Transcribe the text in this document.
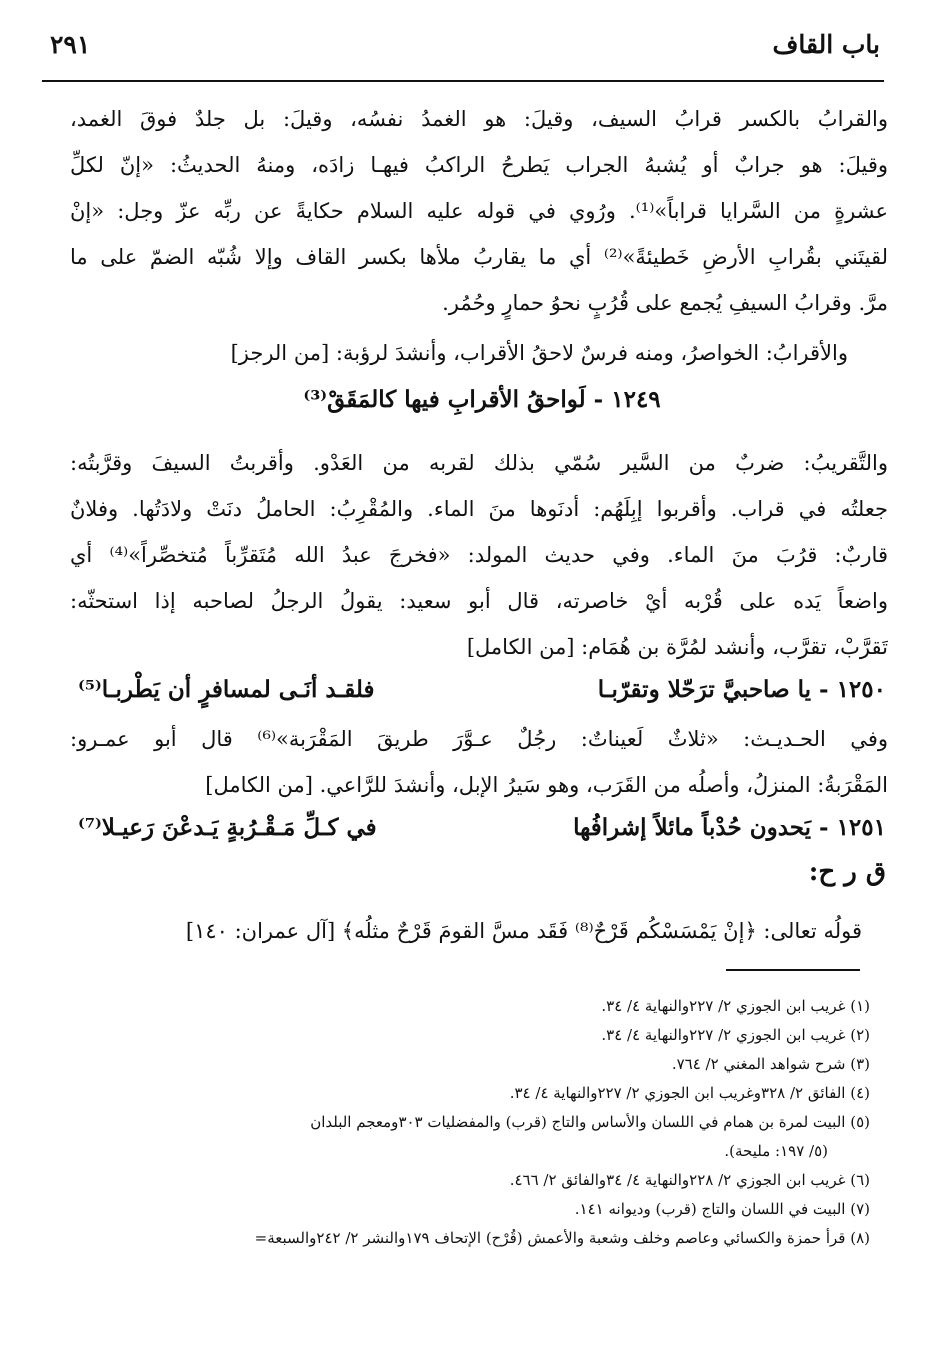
باب القاف
٢٩١
والقرابُ بالكسر قرابُ السيف، وقيلَ: هو الغمدُ نفسُه، وقيلَ: بل جلدٌ فوقَ الغمد،
وقيلَ: هو جرابٌ أو يُشبهُ الجراب يَطرحُ الراكبُ فيهـا زادَه، ومنهُ الحديثُ: «إنّ لكلِّ
عشرةٍ من السَّرايا قراباً»⁽¹⁾. ورُوي في قوله عليه السلام حكايةً عن ربِّه عزّ وجل: «إنْ
لقيتَني بقُرابِ الأرضِ خَطيئةً»⁽²⁾ أي ما يقاربُ ملأها بكسر القاف وإلا شُبّه الضمّ على ما
مرَّ. وقرابُ السيفِ يُجمع على قُرُبٍ نحوُ حمارٍ وحُمُر.
والأقرابُ: الخواصرُ، ومنه فرسٌ لاحقُ الأقراب، وأنشدَ لرؤبة: [من الرجز]
١٢٤٩ - لَواحقُ الأقرابِ فيها كالمَقَقْ⁽³⁾
والتَّقريبُ: ضربٌ من السَّير سُمّي بذلك لقربه من العَدْو. وأقربتُ السيفَ وقرَّبتُه:
جعلتُه في قراب. وأقربوا إبِلَهُم: أدنَوها منَ الماء. والمُقْرِبُ: الحاملُ دنَتْ ولادَتُها. وفلانٌ
قاربٌ: قرُبَ منَ الماء. وفي حديث المولد: «فخرجَ عبدُ الله مُتَقرِّباً مُتخصِّراً»⁽⁴⁾ أي
واضعاً يَده على قُرْبه أيْ خاصرته، قال أبو سعيد: يقولُ الرجلُ لصاحبه إذا استحثّه:
تَقرَّبْ، تقرَّب، وأنشد لمُرَّة بن هُمَام: [من الكامل]
١٢٥٠ - يا صاحبيَّ ترَحّلا وتقرّبـا
فلقـد أنَـى لمسافرٍ أن يَطْربـا⁽⁵⁾
وفي الحـديـث: «ثلاثٌ لَعيناتٌ: رجُلٌ عـوَّرَ طريقَ المَقْرَبة»⁽⁶⁾ قال أبو عمـرو:
المَقْرَبةُ: المنزلُ، وأصلُه من القَرَب، وهو سَيرُ الإبل، وأنشدَ للرَّاعي. [من الكامل]
١٢٥١ - يَحدون حُدْباً مائلاً إشرافُها
في كـلِّ مَـقْـرُبةٍ يَـدعْنَ رَعيـلا⁽⁷⁾
ق ر ح:
قولُه تعالى: ﴿إنْ يَمْسَسْكُم قَرْحٌ⁽⁸⁾ فَقَد مسَّ القومَ قَرْحٌ مثلُه﴾ [آل عمران: ١٤٠]
(١) غريب ابن الجوزي ٢/ ٢٢٧والنهاية ٤/ ٣٤.
(٢) غريب ابن الجوزي ٢/ ٢٢٧والنهاية ٤/ ٣٤.
(٣) شرح شواهد المغني ٢/ ٧٦٤.
(٤) الفائق ٢/ ٣٢٨وغريب ابن الجوزي ٢/ ٢٢٧والنهاية ٤/ ٣٤.
(٥) البيت لمرة بن همام في اللسان والأساس والتاج (قرب) والمفضليات ٣٠٣ومعجم البلدان
(٥/ ١٩٧: مليحة).
(٦) غريب ابن الجوزي ٢/ ٢٢٨والنهاية ٤/ ٣٤والفائق ٢/ ٤٦٦.
(٧) البيت في اللسان والتاج (قرب) وديوانه ١٤١.
(٨) قرأ حمزة والكسائي وعاصم وخلف وشعبة والأعمش (قُرْح) الإتحاف ١٧٩والنشر ٢/ ٢٤٢والسبعة=
